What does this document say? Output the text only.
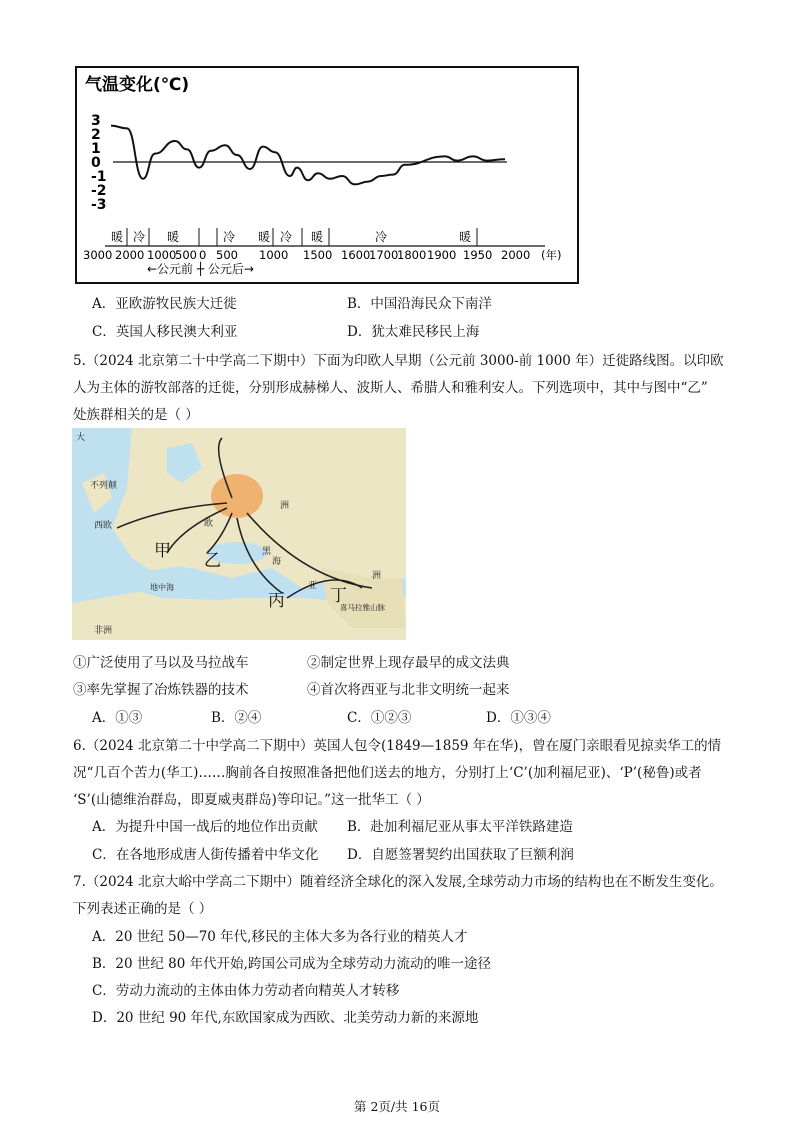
气温变化(℃)
3
2
1
0
-1
-2
-3
暖 冷 暖	冷 暖 冷 暖	冷	暖
3000 2000 1000
500 0 500 1000 1500 1600
1700
1800 1900 1950 2000 (年)
←公元前 ┼ 公元后→
A．亚欧游牧民族大迁徙	B．中国沿海民众下南洋
C．英国人移民澳大利亚	D．犹太难民移民上海
5.（2024 北京第二十中学高二下期中）下面为印欧人早期（公元前 3000-前 1000 年）迁徙路线图。以印欧
人为主体的游牧部落的迁徙，分别形成赫梯人、波斯人、希腊人和雅利安人。下列选项中，其中与图中“乙”
处族群相关的是（ ）
大
不列颠
西欧	欧
洲
黑
海
非洲
亚
洲
喜马拉雅山脉
地中海
甲 乙
丙	丁
①广泛使用了马以及马拉战车	②制定世界上现存最早的成文法典
③率先掌握了冶炼铁器的技术	④首次将西亚与北非文明统一起来
A．①③	B．②④	C．①②③	D．①③④
6.（2024 北京第二十中学高二下期中）英国人包令(1849—1859 年在华)，曾在厦门亲眼看见掠卖华工的情
况“几百个苦力(华工)……胸前各自按照准备把他们送去的地方，分别打上‘C’(加利福尼亚)、‘P’(秘鲁)或者
‘S’(山德维治群岛，即夏威夷群岛)等印记。”这一批华工（ ）
A．为提升中国一战后的地位作出贡献 B．赴加利福尼亚从事太平洋铁路建造
C．在各地形成唐人街传播着中华文化 D．自愿签署契约出国获取了巨额利润
7.（2024 北京大峪中学高二下期中）随着经济全球化的深入发展,全球劳动力市场的结构也在不断发生变化。
下列表述正确的是（ ）
A．20 世纪 50—70 年代,移民的主体大多为各行业的精英人才
B．20 世纪 80 年代开始,跨国公司成为全球劳动力流动的唯一途径
C．劳动力流动的主体由体力劳动者向精英人才转移
D．20 世纪 90 年代,东欧国家成为西欧、北美劳动力新的来源地
第 2页/共 16页
